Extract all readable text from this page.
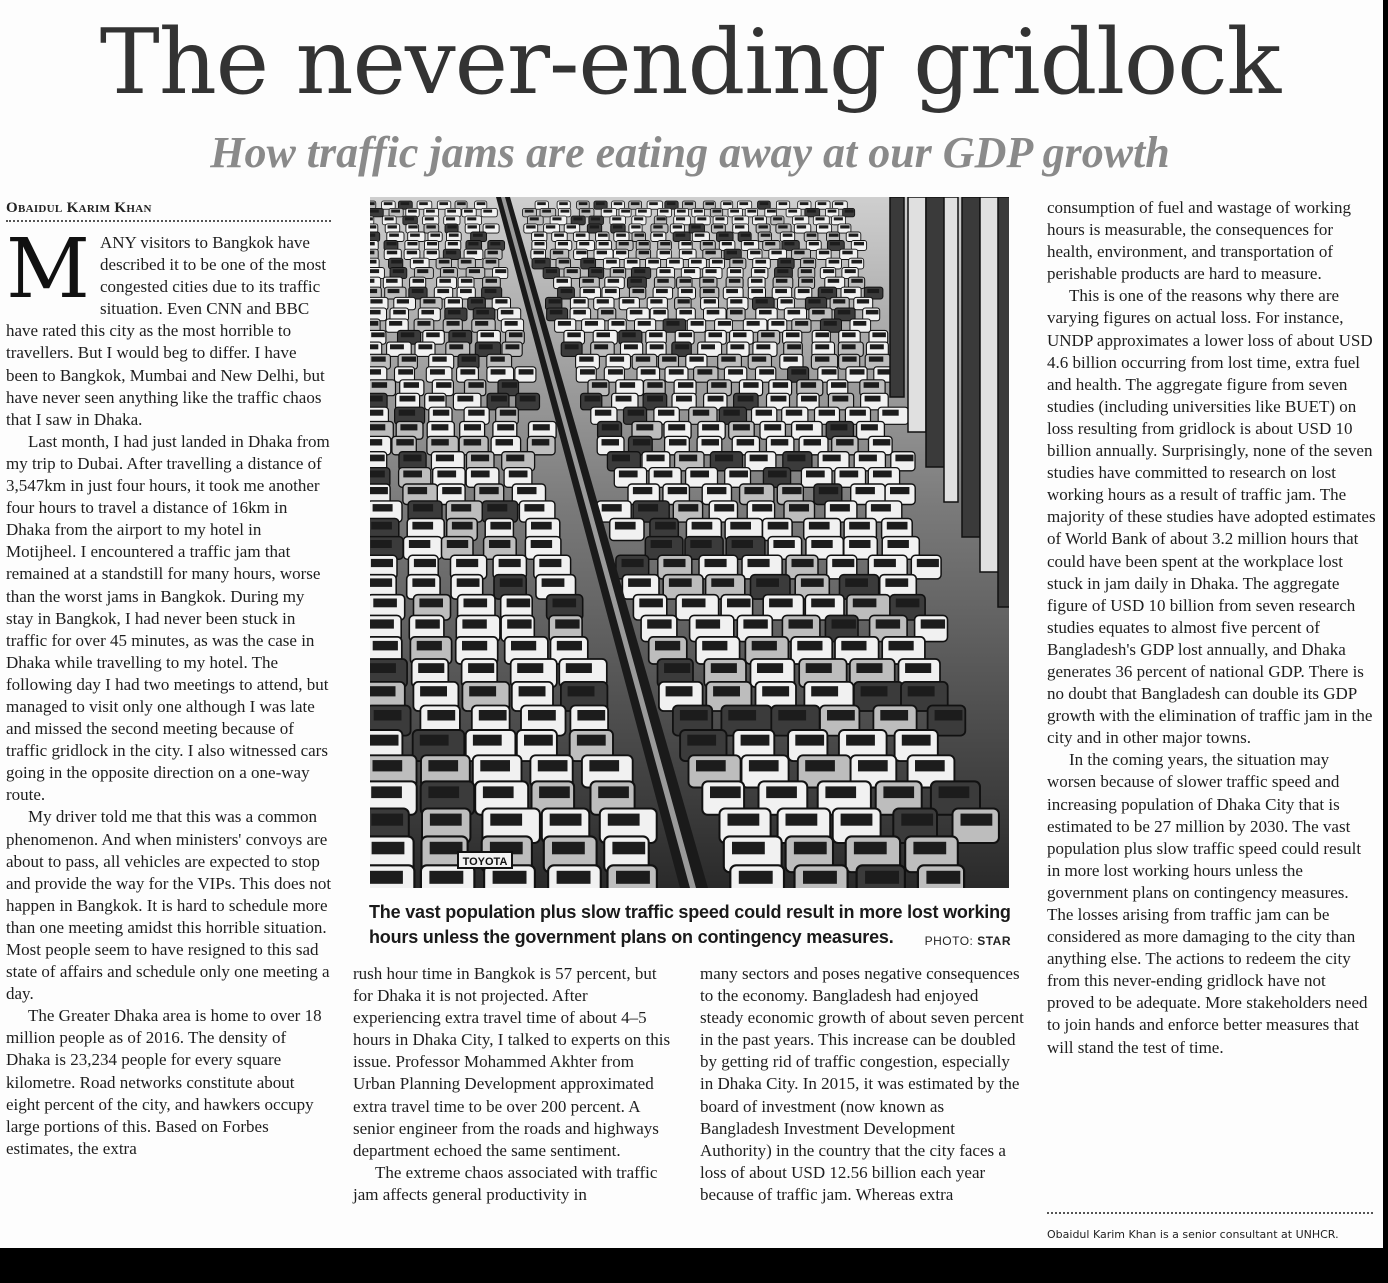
The never-ending gridlock
How traffic jams are eating away at our GDP growth
Obaidul Karim Khan

MANY visitors to Bangkok have described it to be one of the most congested cities due to its traffic situation. Even CNN and BBC have rated this city as the most horrible to travellers. But I would beg to differ. I have been to Bangkok, Mumbai and New Delhi, but have never seen anything like the traffic chaos that I saw in Dhaka.

Last month, I had just landed in Dhaka from my trip to Dubai. After travelling a distance of 3,547km in just four hours, it took me another four hours to travel a distance of 16km in Dhaka from the airport to my hotel in Motijheel. I encountered a traffic jam that remained at a standstill for many hours, worse than the worst jams in Bangkok. During my stay in Bangkok, I had never been stuck in traffic for over 45 minutes, as was the case in Dhaka while travelling to my hotel. The following day I had two meetings to attend, but managed to visit only one although I was late and missed the second meeting because of traffic gridlock in the city. I also witnessed cars going in the opposite direction on a one-way route.

My driver told me that this was a common phenomenon. And when ministers' convoys are about to pass, all vehicles are expected to stop and provide the way for the VIPs. This does not happen in Bangkok. It is hard to schedule more than one meeting amidst this horrible situation. Most people seem to have resigned to this sad state of affairs and schedule only one meeting a day.

The Greater Dhaka area is home to over 18 million people as of 2016. The density of Dhaka is 23,234 people for every square kilometre. Road networks constitute about eight percent of the city, and hawkers occupy large portions of this. Based on Forbes estimates, the extra

TOYOTA
The vast population plus slow traffic speed could result in more lost working hours unless the government plans on contingency measures.	PHOTO: STAR

rush hour time in Bangkok is 57 percent, but for Dhaka it is not projected. After experiencing extra travel time of about 4–5 hours in Dhaka City, I talked to experts on this issue. Professor Mohammed Akhter from Urban Planning Development approximated extra travel time to be over 200 percent. A senior engineer from the roads and highways department echoed the same sentiment.

The extreme chaos associated with traffic jam affects general productivity in

many sectors and poses negative consequences to the economy. Bangladesh had enjoyed steady economic growth of about seven percent in the past years. This increase can be doubled by getting rid of traffic congestion, especially in Dhaka City. In 2015, it was estimated by the board of investment (now known as Bangladesh Investment Development Authority) in the country that the city faces a loss of about USD 12.56 billion each year because of traffic jam. Whereas extra

consumption of fuel and wastage of working hours is measurable, the consequences for health, environment, and transportation of perishable products are hard to measure.

This is one of the reasons why there are varying figures on actual loss. For instance, UNDP approximates a lower loss of about USD 4.6 billion occurring from lost time, extra fuel and health. The aggregate figure from seven studies (including universities like BUET) on loss resulting from gridlock is about USD 10 billion annually. Surprisingly, none of the seven studies have committed to research on lost working hours as a result of traffic jam. The majority of these studies have adopted estimates of World Bank of about 3.2 million hours that could have been spent at the workplace lost stuck in jam daily in Dhaka. The aggregate figure of USD 10 billion from seven research studies equates to almost five percent of Bangladesh's GDP lost annually, and Dhaka generates 36 percent of national GDP. There is no doubt that Bangladesh can double its GDP growth with the elimination of traffic jam in the city and in other major towns.

In the coming years, the situation may worsen because of slower traffic speed and increasing population of Dhaka City that is estimated to be 27 million by 2030. The vast population plus slow traffic speed could result in more lost working hours unless the government plans on contingency measures. The losses arising from traffic jam can be considered as more damaging to the city than anything else. The actions to redeem the city from this never-ending gridlock have not proved to be adequate. More stakeholders need to join hands and enforce better measures that will stand the test of time.

Obaidul Karim Khan is a senior consultant at UNHCR.
